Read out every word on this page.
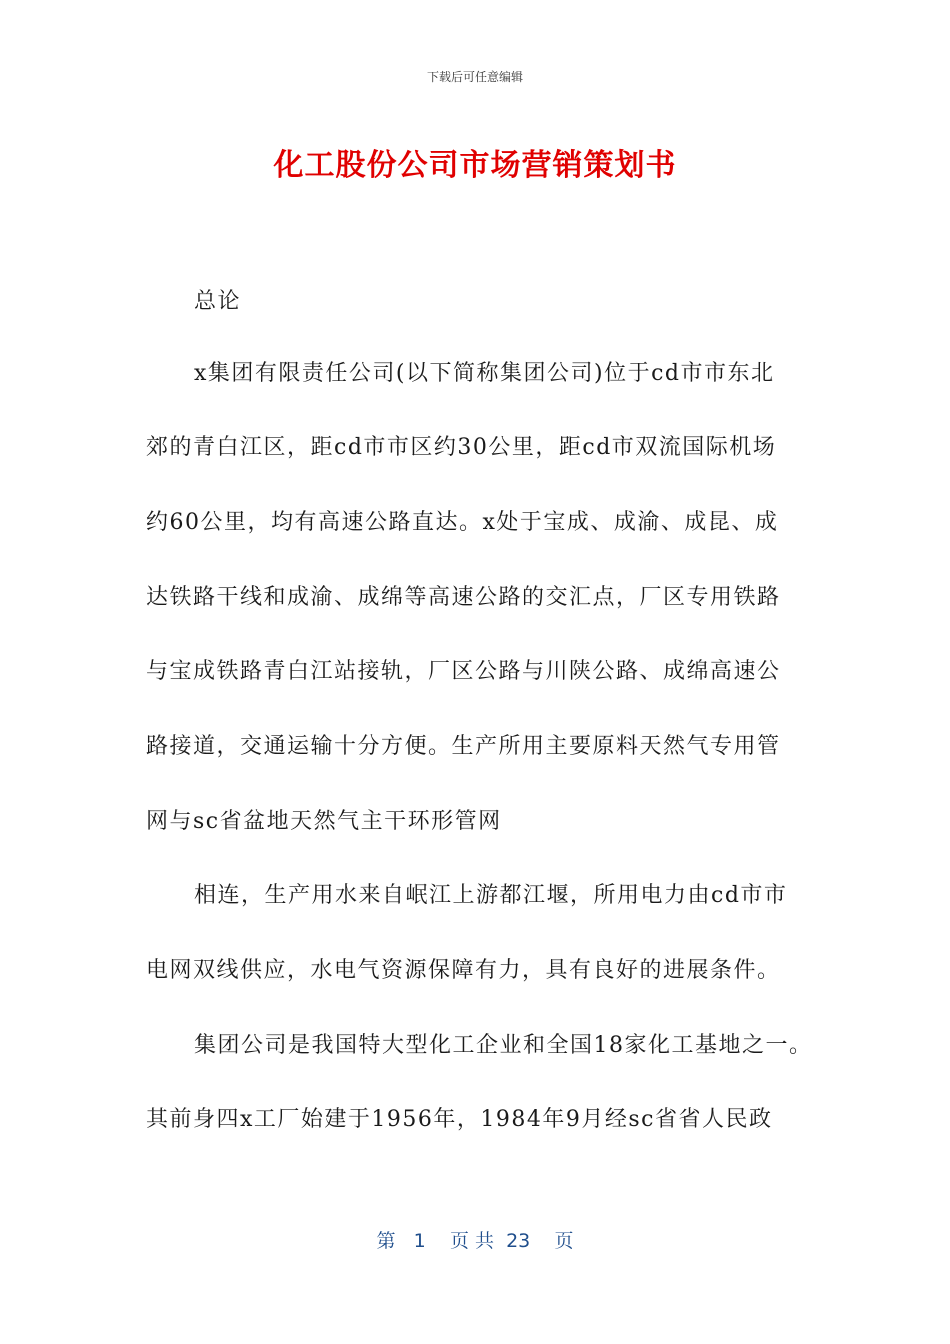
下载后可任意编辑
化工股份公司市场营销策划书
总论
x集团有限责任公司(以下简称集团公司)位于cd市市东北
郊的青白江区，距cd市市区约30公里，距cd市双流国际机场
约60公里，均有高速公路直达。x处于宝成、成渝、成昆、成
达铁路干线和成渝、成绵等高速公路的交汇点，厂区专用铁路
与宝成铁路青白江站接轨，厂区公路与川陕公路、成绵高速公
路接道，交通运输十分方便。生产所用主要原料天然气专用管
网与sc省盆地天然气主干环形管网
相连，生产用水来自岷江上游都江堰，所用电力由cd市市
电网双线供应，水电气资源保障有力，具有良好的进展条件。
集团公司是我国特大型化工企业和全国18家化工基地之一。
其前身四x工厂始建于1956年，1984年9月经sc省省人民政
第 1 页 共 23 页
